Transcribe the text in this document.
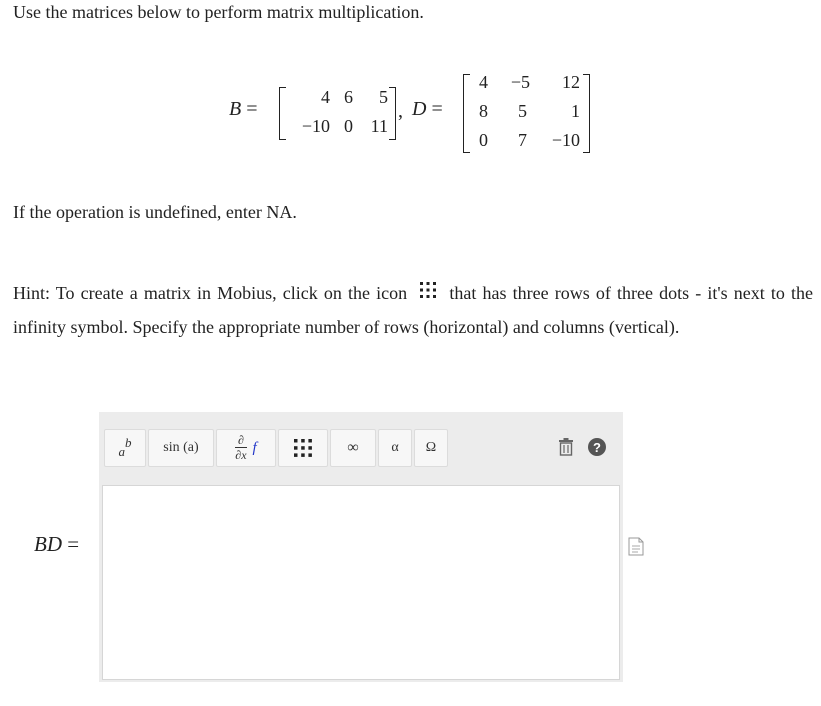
Use the matrices below to perform matrix multiplication.
B =
4 6	5
−10 0 11
, D =
4	−5	12
8	5	1
0	7	−10
If the operation is undefined, enter NA.
Hint: To create a matrix in Mobius, click on the icon that has three rows of three dots - it's next to the infinity symbol. Specify the appropriate number of rows (horizontal) and columns (vertical).
a
b	sin (a)	∂
∂x f	∞	α	Ω	?
BD =
